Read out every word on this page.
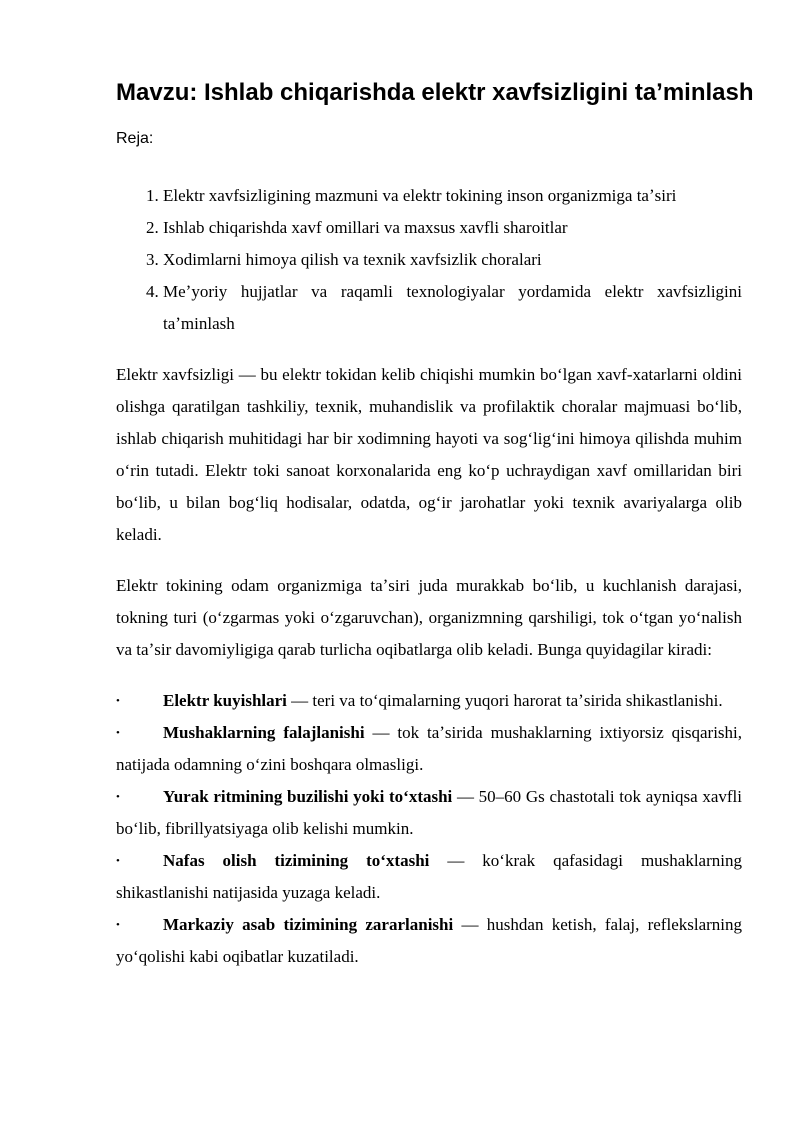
Mavzu: Ishlab chiqarishda elektr xavfsizligini taʼminlash
Reja:
1. Elektr xavfsizligining mazmuni va elektr tokining inson organizmiga taʼsiri
2. Ishlab chiqarishda xavf omillari va maxsus xavfli sharoitlar
3. Xodimlarni himoya qilish va texnik xavfsizlik choralari
4. Meʼyoriy hujjatlar va raqamli texnologiyalar yordamida elektr xavfsizligini taʼminlash

Elektr xavfsizligi — bu elektr tokidan kelib chiqishi mumkin boʻlgan xavf-xatarlarni oldini olishga qaratilgan tashkiliy, texnik, muhandislik va profilaktik choralar majmuasi boʻlib, ishlab chiqarish muhitidagi har bir xodimning hayoti va sogʻligʻini himoya qilishda muhim oʻrin tutadi. Elektr toki sanoat korxonalarida eng koʻp uchraydigan xavf omillaridan biri boʻlib, u bilan bogʻliq hodisalar, odatda, ogʻir jarohatlar yoki texnik avariyalarga olib keladi.

Elektr tokining odam organizmiga taʼsiri juda murakkab boʻlib, u kuchlanish darajasi, tokning turi (oʻzgarmas yoki oʻzgaruvchan), organizmning qarshiligi, tok oʻtgan yoʻnalish va taʼsir davomiyligiga qarab turlicha oqibatlarga olib keladi. Bunga quyidagilar kiradi:

•	Elektr kuyishlari — teri va toʻqimalarning yuqori harorat taʼsirida shikastlanishi.
•	Mushaklarning falajlanishi — tok taʼsirida mushaklarning ixtiyorsiz qisqarishi, natijada odamning oʻzini boshqara olmasligi.
•	Yurak ritmining buzilishi yoki toʻxtashi — 50–60 Gs chastotali tok ayniqsa xavfli boʻlib, fibrillyatsiyaga olib kelishi mumkin.
•	Nafas olish tizimining toʻxtashi — koʻkrak qafasidagi mushaklarning shikastlanishi natijasida yuzaga keladi.
•	Markaziy asab tizimining zararlanishi — hushdan ketish, falaj, reflekslarning yoʻqolishi kabi oqibatlar kuzatiladi.
